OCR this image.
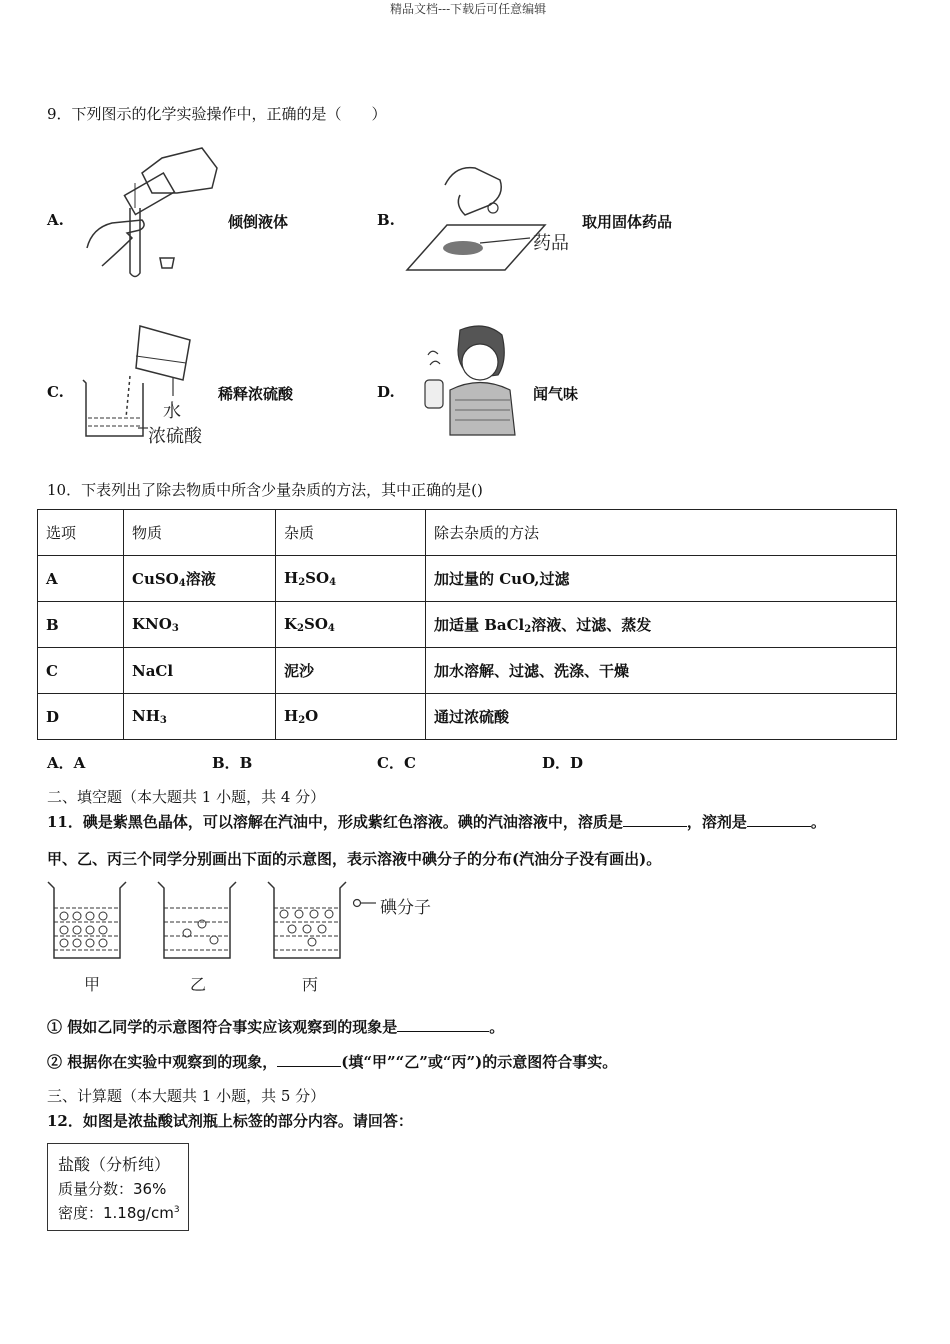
精品文档---下载后可任意编辑
9．下列图示的化学实验操作中，正确的是（　　）
A.	倾倒液体	B.
药品
取用固体药品
C.
水
浓硫酸
稀释浓硫酸	D.	闻气味
10．下表列出了除去物质中所含少量杂质的方法，其中正确的是()
选项	物质	杂质	除去杂质的方法
A	CuSO$_4$溶液	$H_2SO_4$	加过量的 CuO,过滤
B	$KNO_3$	$K_2SO_4$	加适量 BaCl$_2$溶液、过滤、蒸发
C	NaCl	泥沙	加水溶解、过滤、洗涤、干燥
D	$NH_3$	$H_2O$	通过浓硫酸
A．A	B．B	C．C	D．D
二、填空题（本大题共 1 小题，共 4 分）
11．碘是紫黑色晶体，可以溶解在汽油中，形成紫红色溶液。碘的汽油溶液中，溶质是	，溶剂是	。
甲、乙、丙三个同学分别画出下面的示意图，表示溶液中碘分子的分布(汽油分子没有画出)。
碘分子
甲	乙	丙
① 假如乙同学的示意图符合事实应该观察到的现象是	。
② 根据你在实验中观察到的现象，	(填“甲”“乙”或“丙”)的示意图符合事实。
三、计算题（本大题共 1 小题，共 5 分）
12．如图是浓盐酸试剂瓶上标签的部分内容。请回答：
盐酸（分析纯）
质量分数：36%
密度：$1.18g/cm^3$
